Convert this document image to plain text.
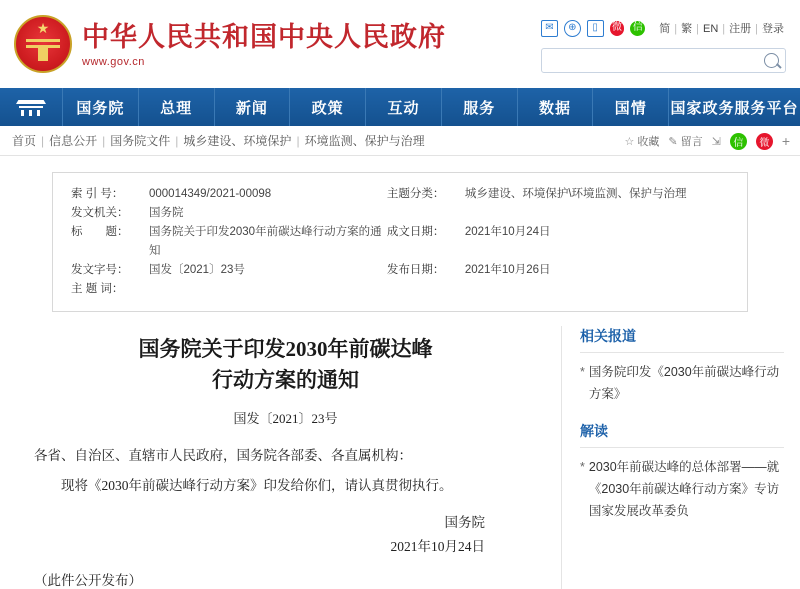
★
中华人民共和国中央人民政府
www.gov.cn
✉	⊕	▯	微 信 简 | 繁 | EN | 注册 | 登录
国务院	总理	新闻	政策	互动	服务	数据	国情	国家政务服务平台
首页 | 信息公开 | 国务院文件 | 城乡建设、环境保护 | 环境监测、保护与治理	☆ 收藏 ✎ 留言 ⇲	信	微 +
索 引 号：	000014349/2021-00098
发文机关：	国务院
标　　题：	国务院关于印发2030年前碳达峰行动方案的通知
发文字号：	国发〔2021〕23号
主 题 词：	
主题分类：	城乡建设、环境保护\环境监测、保护与治理
成文日期：	2021年10月24日
发布日期：	2021年10月26日
国务院关于印发2030年前碳达峰
行动方案的通知
国发〔2021〕23号
各省、自治区、直辖市人民政府，国务院各部委、各直属机构：
现将《2030年前碳达峰行动方案》印发给你们，请认真贯彻执行。
国务院
2021年10月24日
（此件公开发布）
相关报道
* 国务院印发《2030年前碳达峰行动方案》
解读
* 2030年前碳达峰的总体部署——就《2030年前碳达峰行动方案》专访国家发展改革委负
